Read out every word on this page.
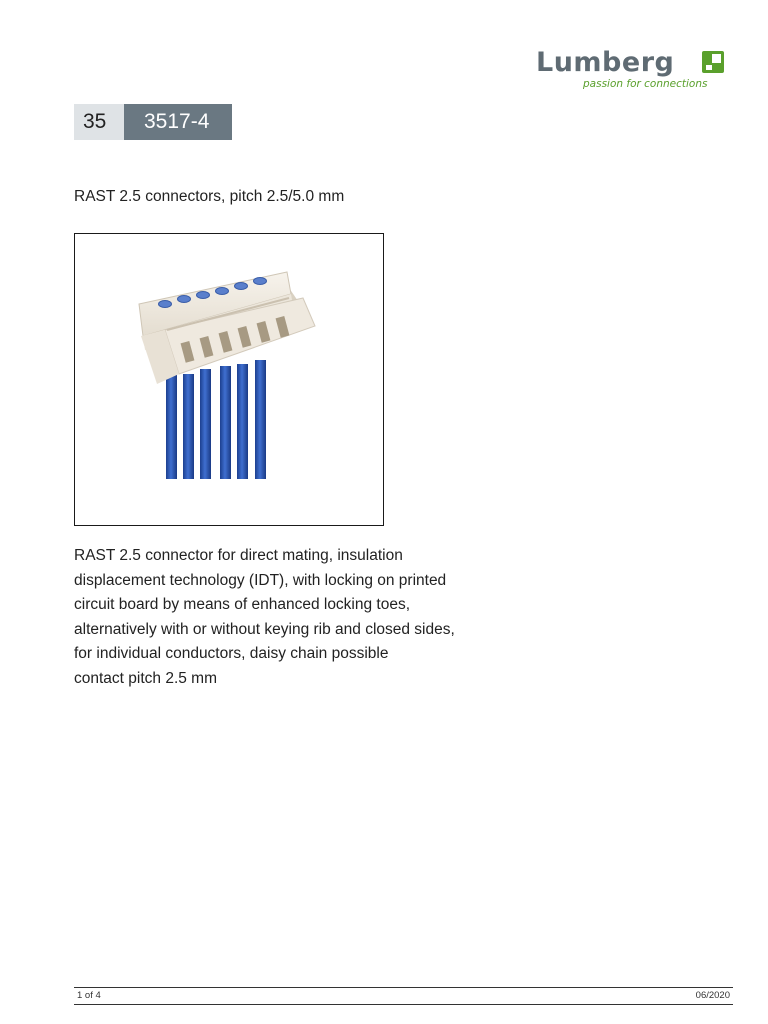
Lumberg
passion for connections
35	3517-4
RAST 2.5 connectors, pitch 2.5/5.0 mm
RAST 2.5 connector for direct mating, insulation
displacement technology (IDT), with locking on printed
circuit board by means of enhanced locking toes,
alternatively with or without keying rib and closed sides,
for individual conductors, daisy chain possible
contact pitch 2.5 mm
1 of 4	06/2020
